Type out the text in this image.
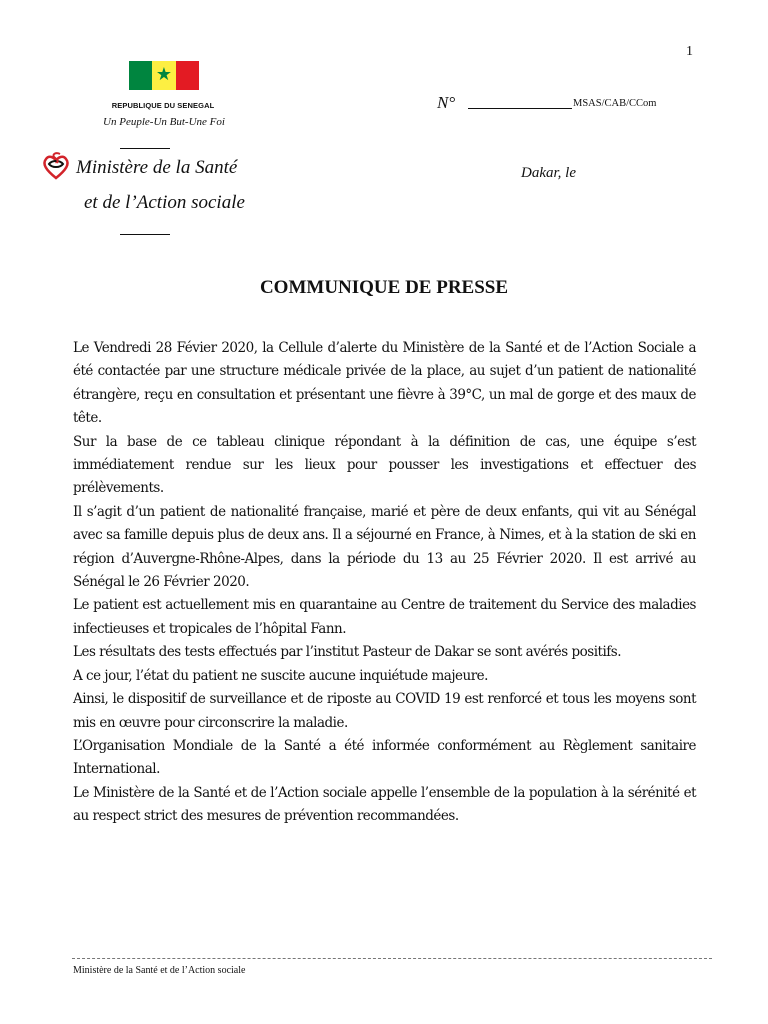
1
★
REPUBLIQUE DU SENEGAL
Un Peuple-Un But-Une Foi
Ministère de la Santé
et de l’Action sociale
N°	MSAS/CAB/CCom
Dakar, le
COMMUNIQUE DE PRESSE

Le Vendredi 28 Févier 2020, la Cellule d’alerte du Ministère de la Santé et de l’Action Sociale a été contactée par une structure médicale privée de la place, au sujet d’un patient de nationalité étrangère, reçu en consultation et présentant une fièvre à 39°C, un mal de gorge et des maux de tête.

Sur la base de ce tableau clinique répondant à la définition de cas, une équipe s’est immédiatement rendue sur les lieux pour pousser les investigations et effectuer des prélèvements.

Il s’agit d’un patient de nationalité française, marié et père de deux enfants, qui vit au Sénégal avec sa famille depuis plus de deux ans. Il a séjourné en France, à Nimes, et à la station de ski en région d’Auvergne-Rhône-Alpes, dans la période du 13 au 25 Février 2020. Il est arrivé au Sénégal le 26 Février 2020.

Le patient est actuellement mis en quarantaine au Centre de traitement du Service des maladies infectieuses et tropicales de l’hôpital Fann.

Les résultats des tests effectués par l’institut Pasteur de Dakar se sont avérés positifs.

A ce jour, l’état du patient ne suscite aucune inquiétude majeure.

Ainsi, le dispositif de surveillance et de riposte au COVID 19 est renforcé et tous les moyens sont mis en œuvre pour circonscrire la maladie.

L’Organisation Mondiale de la Santé a été informée conformément au Règlement sanitaire International.

Le Ministère de la Santé et de l’Action sociale appelle l’ensemble de la population à la sérénité et au respect strict des mesures de prévention recommandées.

Ministère de la Santé et de l’Action sociale
